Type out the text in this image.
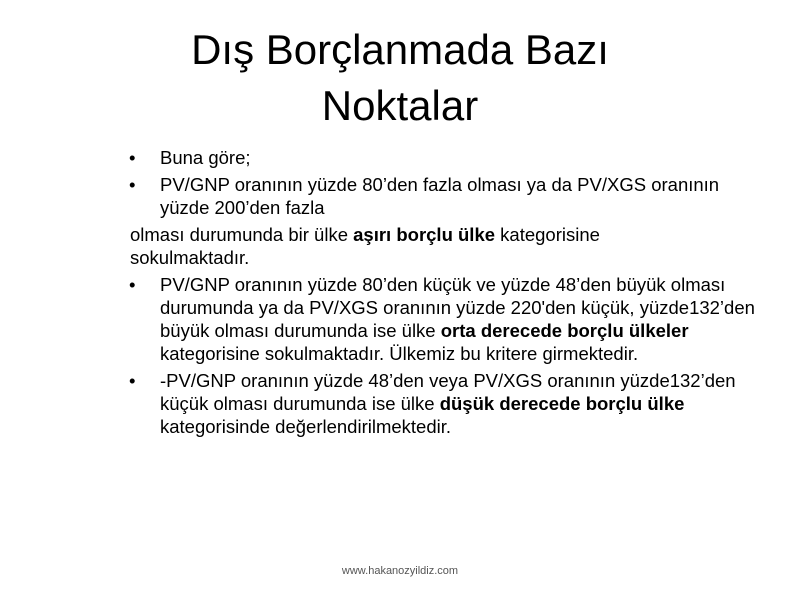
Dış Borçlanmada Bazı
Noktalar
• Buna göre;
• PV/GNP oranının yüzde 80’den fazla olması ya da PV/XGS oranının yüzde 200’den fazla
olması durumunda bir ülke aşırı borçlu ülke kategorisine
sokulmaktadır.
• PV/GNP oranının yüzde 80’den küçük ve yüzde 48’den büyük olması durumunda ya da PV/XGS oranının yüzde 220'den küçük, yüzde132’den büyük olması durumunda ise ülke orta derecede borçlu ülkeler kategorisine sokulmaktadır. Ülkemiz bu kritere girmektedir.
• -PV/GNP oranının yüzde 48’den veya PV/XGS oranının yüzde132’den küçük olması durumunda ise ülke düşük derecede borçlu ülke kategorisinde değerlendirilmektedir.
www.hakanozyildiz.com
